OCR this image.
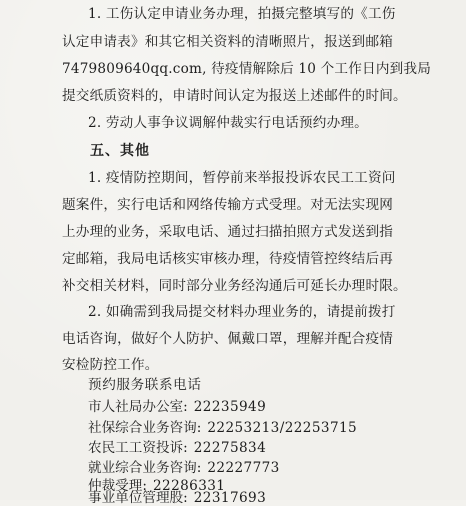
1. 工伤认定申请业务办理，拍摄完整填写的《工伤
认定申请表》和其它相关资料的清晰照片，报送到邮箱
7479809640qq.com, 待疫情解除后 10 个工作日内到我局
提交纸质资料的，申请时间认定为报送上述邮件的时间。
2. 劳动人事争议调解仲裁实行电话预约办理。
五、其他
1. 疫情防控期间，暂停前来举报投诉农民工工资问
题案件，实行电话和网络传输方式受理。对无法实现网
上办理的业务，采取电话、通过扫描拍照方式发送到指
定邮箱，我局电话核实审核办理，待疫情管控终结后再
补交相关材料，同时部分业务经沟通后可延长办理时限。
2. 如确需到我局提交材料办理业务的，请提前拨打
电话咨询，做好个人防护、佩戴口罩，理解并配合疫情
安检防控工作。
预约服务联系电话
市人社局办公室: 22235949
社保综合业务咨询: 22253213/22253715
农民工工资投诉: 22275834
就业综合业务咨询: 22227773
仲裁受理: 22286331
事业单位管理股: 22317693
